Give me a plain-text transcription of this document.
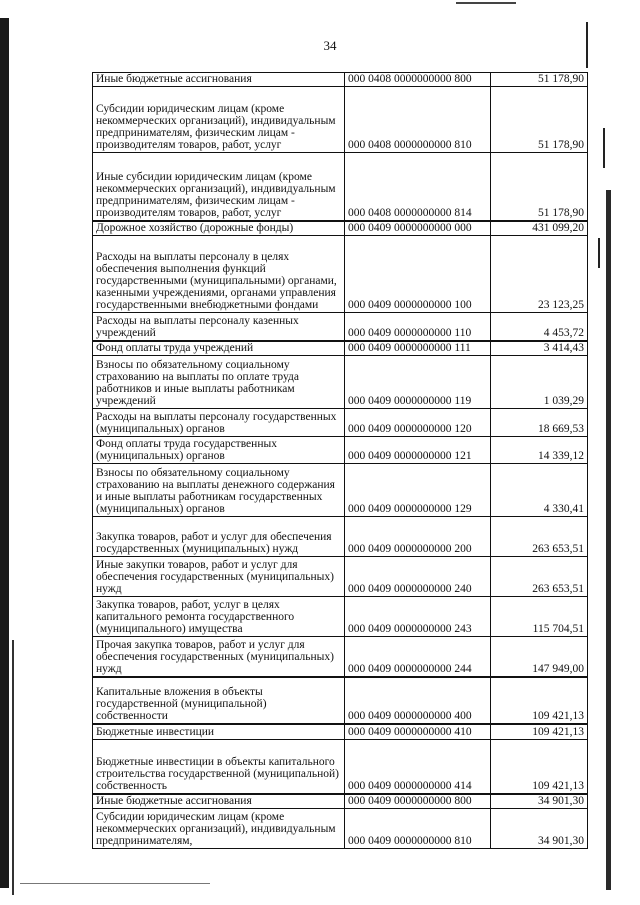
34
Иные бюджетные ассигнования	000 0408 0000000000 800	51 178,90
Субсидии юридическим лицам (кроме некоммерческих организаций), индивидуальным предпринимателям, физическим лицам - производителям товаров, работ, услуг	000 0408 0000000000 810	51 178,90
Иные субсидии юридическим лицам (кроме некоммерческих организаций), индивидуальным предпринимателям, физическим лицам - производителям товаров, работ, услуг	000 0408 0000000000 814	51 178,90
Дорожное хозяйство (дорожные фонды)	000 0409 0000000000 000	431 099,20
Расходы на выплаты персоналу в целях обеспечения выполнения функций государственными (муниципальными) органами, казенными учреждениями, органами управления государственными внебюджетными фондами	000 0409 0000000000 100	23 123,25
Расходы на выплаты персоналу казенных учреждений	000 0409 0000000000 110	4 453,72
Фонд оплаты труда учреждений	000 0409 0000000000 111	3 414,43
Взносы по обязательному социальному страхованию на выплаты по оплате труда работников и иные выплаты работникам учреждений	000 0409 0000000000 119	1 039,29
Расходы на выплаты персоналу государственных (муниципальных) органов	000 0409 0000000000 120	18 669,53
Фонд оплаты труда государственных (муниципальных) органов	000 0409 0000000000 121	14 339,12
Взносы по обязательному социальному страхованию на выплаты денежного содержания и иные выплаты работникам государственных (муниципальных) органов	000 0409 0000000000 129	4 330,41
Закупка товаров, работ и услуг для обеспечения государственных (муниципальных) нужд	000 0409 0000000000 200	263 653,51
Иные закупки товаров, работ и услуг для обеспечения государственных (муниципальных) нужд	000 0409 0000000000 240	263 653,51
Закупка товаров, работ, услуг в целях капитального ремонта государственного (муниципального) имущества	000 0409 0000000000 243	115 704,51
Прочая закупка товаров, работ и услуг для обеспечения государственных (муниципальных) нужд	000 0409 0000000000 244	147 949,00
Капитальные вложения в объекты государственной (муниципальной) собственности	000 0409 0000000000 400	109 421,13
Бюджетные инвестиции	000 0409 0000000000 410	109 421,13
Бюджетные инвестиции в объекты капитального строительства государственной (муниципальной) собственность	000 0409 0000000000 414	109 421,13
Иные бюджетные ассигнования	000 0409 0000000000 800	34 901,30
Субсидии юридическим лицам (кроме некоммерческих организаций), индивидуальным предпринимателям,	000 0409 0000000000 810	34 901,30
